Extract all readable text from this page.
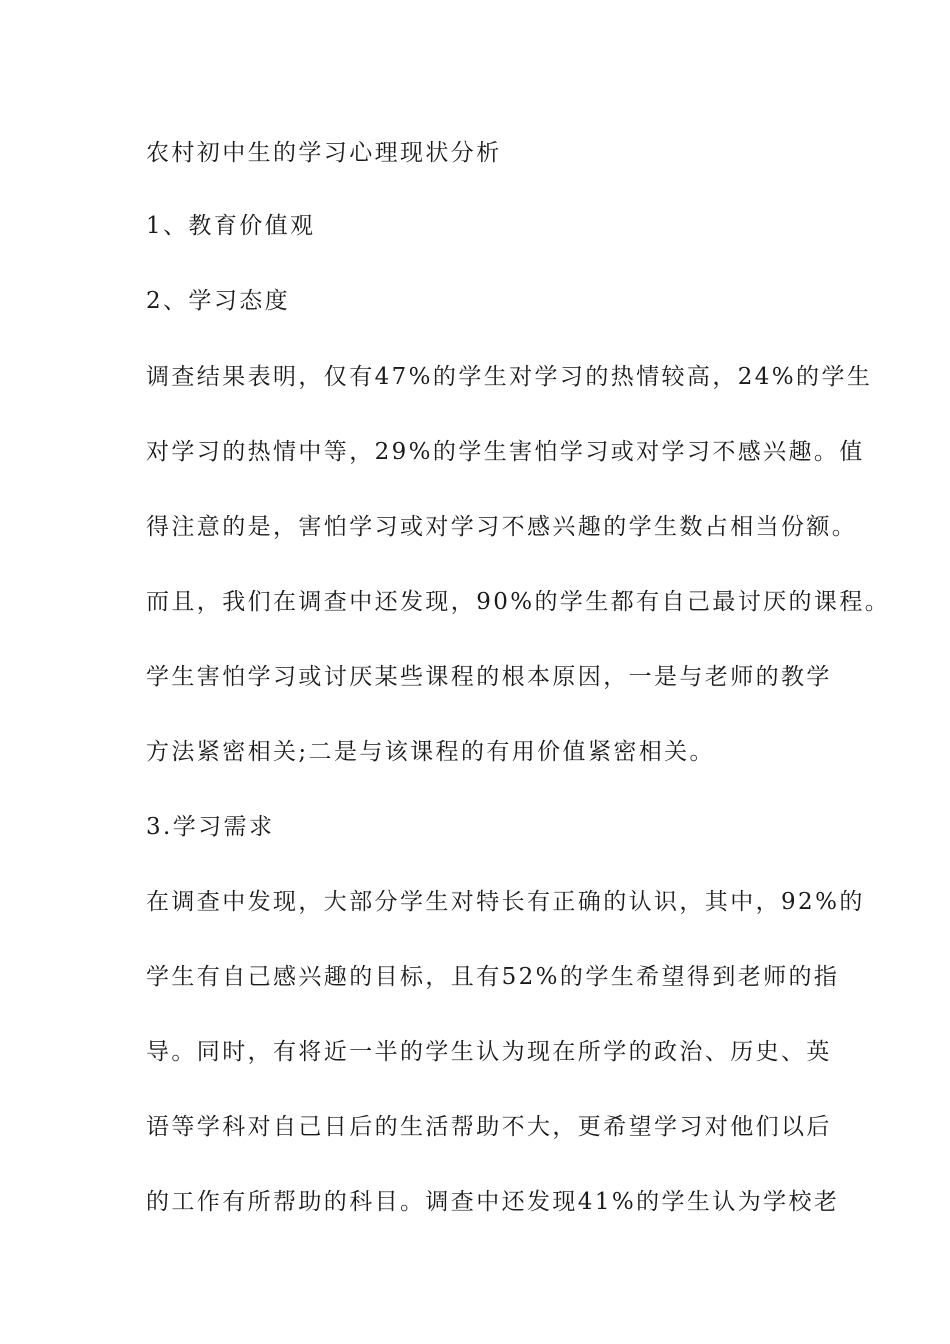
农村初中生的学习心理现状分析
1、教育价值观
2、学习态度
调查结果表明，仅有47%的学生对学习的热情较高，24%的学生
对学习的热情中等，29%的学生害怕学习或对学习不感兴趣。值
得注意的是，害怕学习或对学习不感兴趣的学生数占相当份额。
而且，我们在调查中还发现，90%的学生都有自己最讨厌的课程。
学生害怕学习或讨厌某些课程的根本原因，一是与老师的教学
方法紧密相关;二是与该课程的有用价值紧密相关。
3.学习需求
在调查中发现，大部分学生对特长有正确的认识，其中，92%的
学生有自己感兴趣的目标，且有52%的学生希望得到老师的指
导。同时，有将近一半的学生认为现在所学的政治、历史、英
语等学科对自己日后的生活帮助不大，更希望学习对他们以后
的工作有所帮助的科目。调查中还发现41%的学生认为学校老
